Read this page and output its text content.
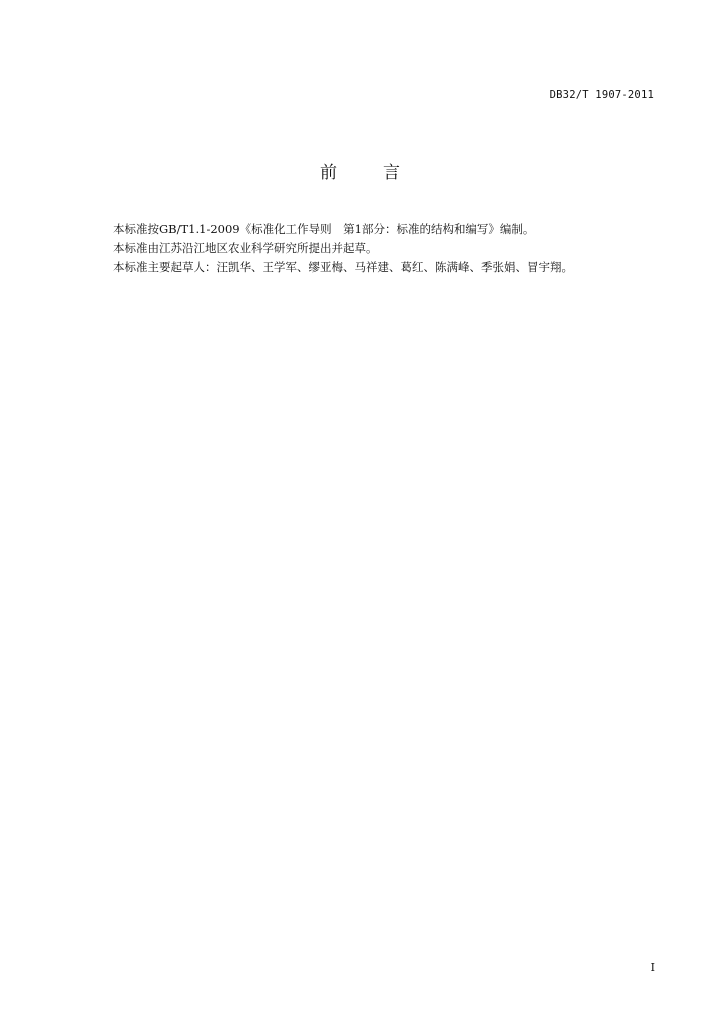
DB32/T 1907-2011
前　　言
本标准按GB/T1.1-2009《标准化工作导则　第1部分：标准的结构和编写》编制。
本标准由江苏沿江地区农业科学研究所提出并起草。
本标准主要起草人：汪凯华、王学军、缪亚梅、马祥建、葛红、陈满峰、季张娟、冒宇翔。
I
